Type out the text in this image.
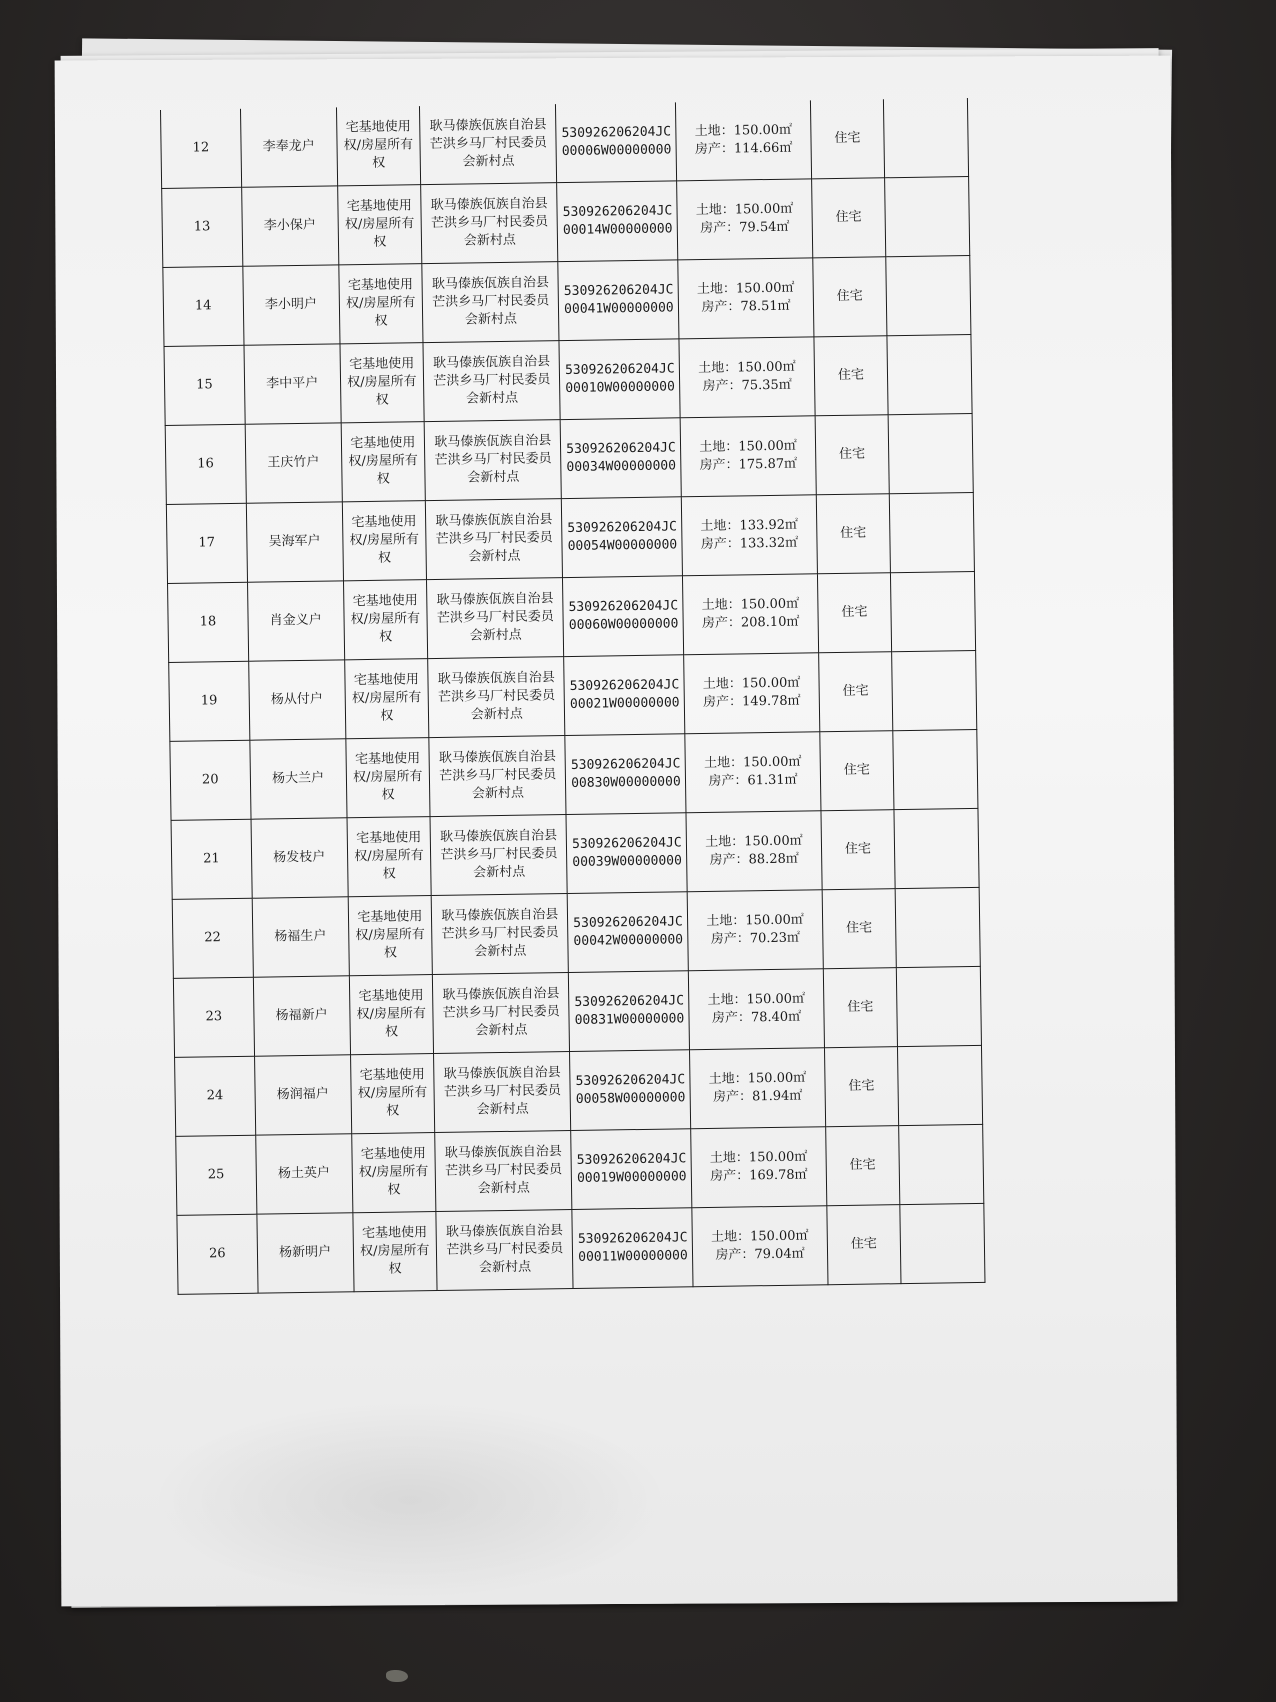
12	李奉龙户	宅基地使用权/房屋所有权	耿马傣族佤族自治县芒洪乡马厂村民委员会新村点	530926206204JC00006W00000000	土地：150.00㎡
房产：114.66㎡	住宅	
13	李小保户	宅基地使用权/房屋所有权	耿马傣族佤族自治县芒洪乡马厂村民委员会新村点	530926206204JC00014W00000000	土地：150.00㎡
房产：79.54㎡	住宅	
14	李小明户	宅基地使用权/房屋所有权	耿马傣族佤族自治县芒洪乡马厂村民委员会新村点	530926206204JC00041W00000000	土地：150.00㎡
房产：78.51㎡	住宅	
15	李中平户	宅基地使用权/房屋所有权	耿马傣族佤族自治县芒洪乡马厂村民委员会新村点	530926206204JC00010W00000000	土地：150.00㎡
房产：75.35㎡	住宅	
16	王庆竹户	宅基地使用权/房屋所有权	耿马傣族佤族自治县芒洪乡马厂村民委员会新村点	530926206204JC00034W00000000	土地：150.00㎡
房产：175.87㎡	住宅	
17	吴海军户	宅基地使用权/房屋所有权	耿马傣族佤族自治县芒洪乡马厂村民委员会新村点	530926206204JC00054W00000000	土地：133.92㎡
房产：133.32㎡	住宅	
18	肖金义户	宅基地使用权/房屋所有权	耿马傣族佤族自治县芒洪乡马厂村民委员会新村点	530926206204JC00060W00000000	土地：150.00㎡
房产：208.10㎡	住宅	
19	杨从付户	宅基地使用权/房屋所有权	耿马傣族佤族自治县芒洪乡马厂村民委员会新村点	530926206204JC00021W00000000	土地：150.00㎡
房产：149.78㎡	住宅	
20	杨大兰户	宅基地使用权/房屋所有权	耿马傣族佤族自治县芒洪乡马厂村民委员会新村点	530926206204JC00830W00000000	土地：150.00㎡
房产：61.31㎡	住宅	
21	杨发枝户	宅基地使用权/房屋所有权	耿马傣族佤族自治县芒洪乡马厂村民委员会新村点	530926206204JC00039W00000000	土地：150.00㎡
房产：88.28㎡	住宅	
22	杨福生户	宅基地使用权/房屋所有权	耿马傣族佤族自治县芒洪乡马厂村民委员会新村点	530926206204JC00042W00000000	土地：150.00㎡
房产：70.23㎡	住宅	
23	杨福新户	宅基地使用权/房屋所有权	耿马傣族佤族自治县芒洪乡马厂村民委员会新村点	530926206204JC00831W00000000	土地：150.00㎡
房产：78.40㎡	住宅	
24	杨润福户	宅基地使用权/房屋所有权	耿马傣族佤族自治县芒洪乡马厂村民委员会新村点	530926206204JC00058W00000000	土地：150.00㎡
房产：81.94㎡	住宅	
25	杨土英户	宅基地使用权/房屋所有权	耿马傣族佤族自治县芒洪乡马厂村民委员会新村点	530926206204JC00019W00000000	土地：150.00㎡
房产：169.78㎡	住宅	
26	杨新明户	宅基地使用权/房屋所有权	耿马傣族佤族自治县芒洪乡马厂村民委员会新村点	530926206204JC00011W00000000	土地：150.00㎡
房产：79.04㎡	住宅	
